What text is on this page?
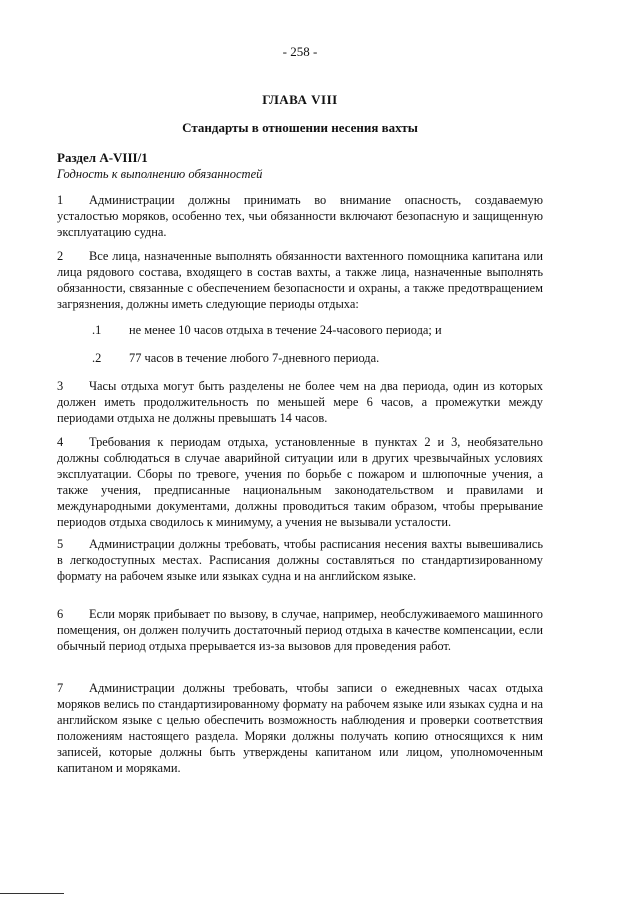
- 258 -
ГЛАВА VIII
Стандарты в отношении несения вахты
Раздел A-VIII/1
Годность к выполнению обязанностей

1 Администрации должны принимать во внимание опасность, создаваемую усталостью моряков, особенно тех, чьи обязанности включают безопасную и защищенную эксплуатацию судна.

2 Все лица, назначенные выполнять обязанности вахтенного помощника капитана или лица рядового состава, входящего в состав вахты, а также лица, назначенные выполнять обязанности, связанные с обеспечением безопасности и охраны, а также предотвращением загрязнения, должны иметь следующие периоды отдыха:

.1 не менее 10 часов отдыха в течение 24-часового периода; и

.2 77 часов в течение любого 7-дневного периода.

3 Часы отдыха могут быть разделены не более чем на два периода, один из которых должен иметь продолжительность по меньшей мере 6 часов, а промежутки между периодами отдыха не должны превышать 14 часов.

4 Требования к периодам отдыха, установленные в пунктах 2 и 3, необязательно должны соблюдаться в случае аварийной ситуации или в других чрезвычайных условиях эксплуатации. Сборы по тревоге, учения по борьбе с пожаром и шлюпочные учения, а также учения, предписанные национальным законодательством и правилами и международными документами, должны проводиться таким образом, чтобы прерывание периодов отдыха сводилось к минимуму, а учения не вызывали усталости.

5 Администрации должны требовать, чтобы расписания несения вахты вывешивались в легкодоступных местах. Расписания должны составляться по стандартизированному формату на рабочем языке или языках судна и на английском языке.

6 Если моряк прибывает по вызову, в случае, например, необслуживаемого машинного помещения, он должен получить достаточный период отдыха в качестве компенсации, если обычный период отдыха прерывается из-за вызовов для проведения работ.

7 Администрации должны требовать, чтобы записи о ежедневных часах отдыха моряков велись по стандартизированному формату на рабочем языке или языках судна и на английском языке с целью обеспечить возможность наблюдения и проверки соответствия положениям настоящего раздела. Моряки должны получать копию относящихся к ним записей, которые должны быть утверждены капитаном или лицом, уполномоченным капитаном и моряками.
